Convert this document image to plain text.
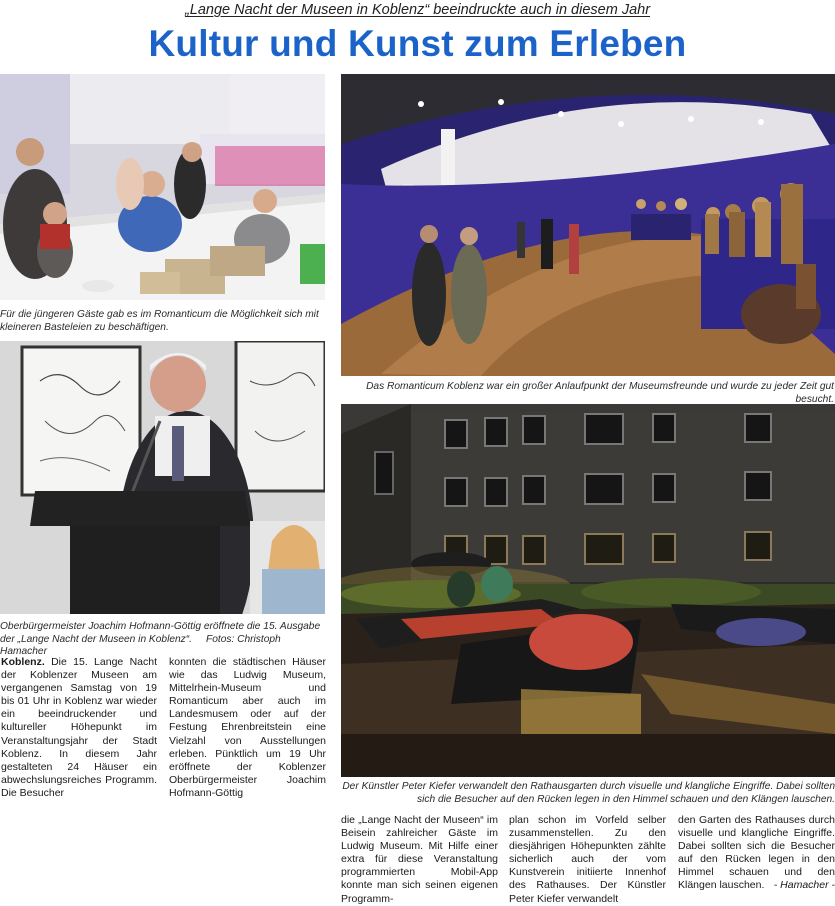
„Lange Nacht der Museen in Koblenz“ beeindruckte auch in diesem Jahr
Kultur und Kunst zum Erleben
Für die jüngeren Gäste gab es im Romanticum die Möglichkeit sich mit kleineren Basteleien zu beschäftigen.
Das Romanticum Koblenz war ein großer Anlaufpunkt der Museumsfreunde und wurde zu jeder Zeit gut besucht.
Oberbürgermeister Joachim Hofmann-Göttig eröffnete die 15. Ausgabe der „Lange Nacht der Museen in Koblenz“. Fotos: Christoph Hamacher
Der Künstler Peter Kiefer verwandelt den Rathausgarten durch visuelle und klangliche Eingriffe. Dabei sollten sich die Besucher auf den Rücken legen in den Himmel schauen und den Klängen lauschen.
Koblenz. Die 15. Lange Nacht der Koblenzer Museen am vergangenen Samstag von 19 bis 01 Uhr in Koblenz war wieder ein beeindruckender und kultureller Höhepunkt im Veranstaltungsjahr der Stadt Koblenz. In diesem Jahr gestalteten 24 Häuser ein abwechslungsreiches Programm. Die Besucher
konnten die städtischen Häuser wie das Ludwig Museum, Mittelrhein-Museum und Romanticum aber auch im Landesmusem oder auf der Festung Ehrenbreitstein eine Vielzahl von Ausstellungen erleben. Pünktlich um 19 Uhr eröffnete der Koblenzer Oberbürgermeister Joachim Hofmann-Göttig
die „Lange Nacht der Museen“ im Beisein zahlreicher Gäste im Ludwig Museum. Mit Hilfe einer extra für diese Veranstaltung programmierten Mobil-App konnte man sich seinen eigenen Programm-
plan schon im Vorfeld selber zusammenstellen. Zu den diesjährigen Höhepunkten zählte sicherlich auch der vom Kunstverein initiierte Innenhof des Rathauses. Der Künstler Peter Kiefer verwandelt
den Garten des Rathauses durch visuelle und klangliche Eingriffe. Dabei sollten sich die Besucher auf den Rücken legen in den Himmel schauen und den Klängen lauschen. - Hamacher -
